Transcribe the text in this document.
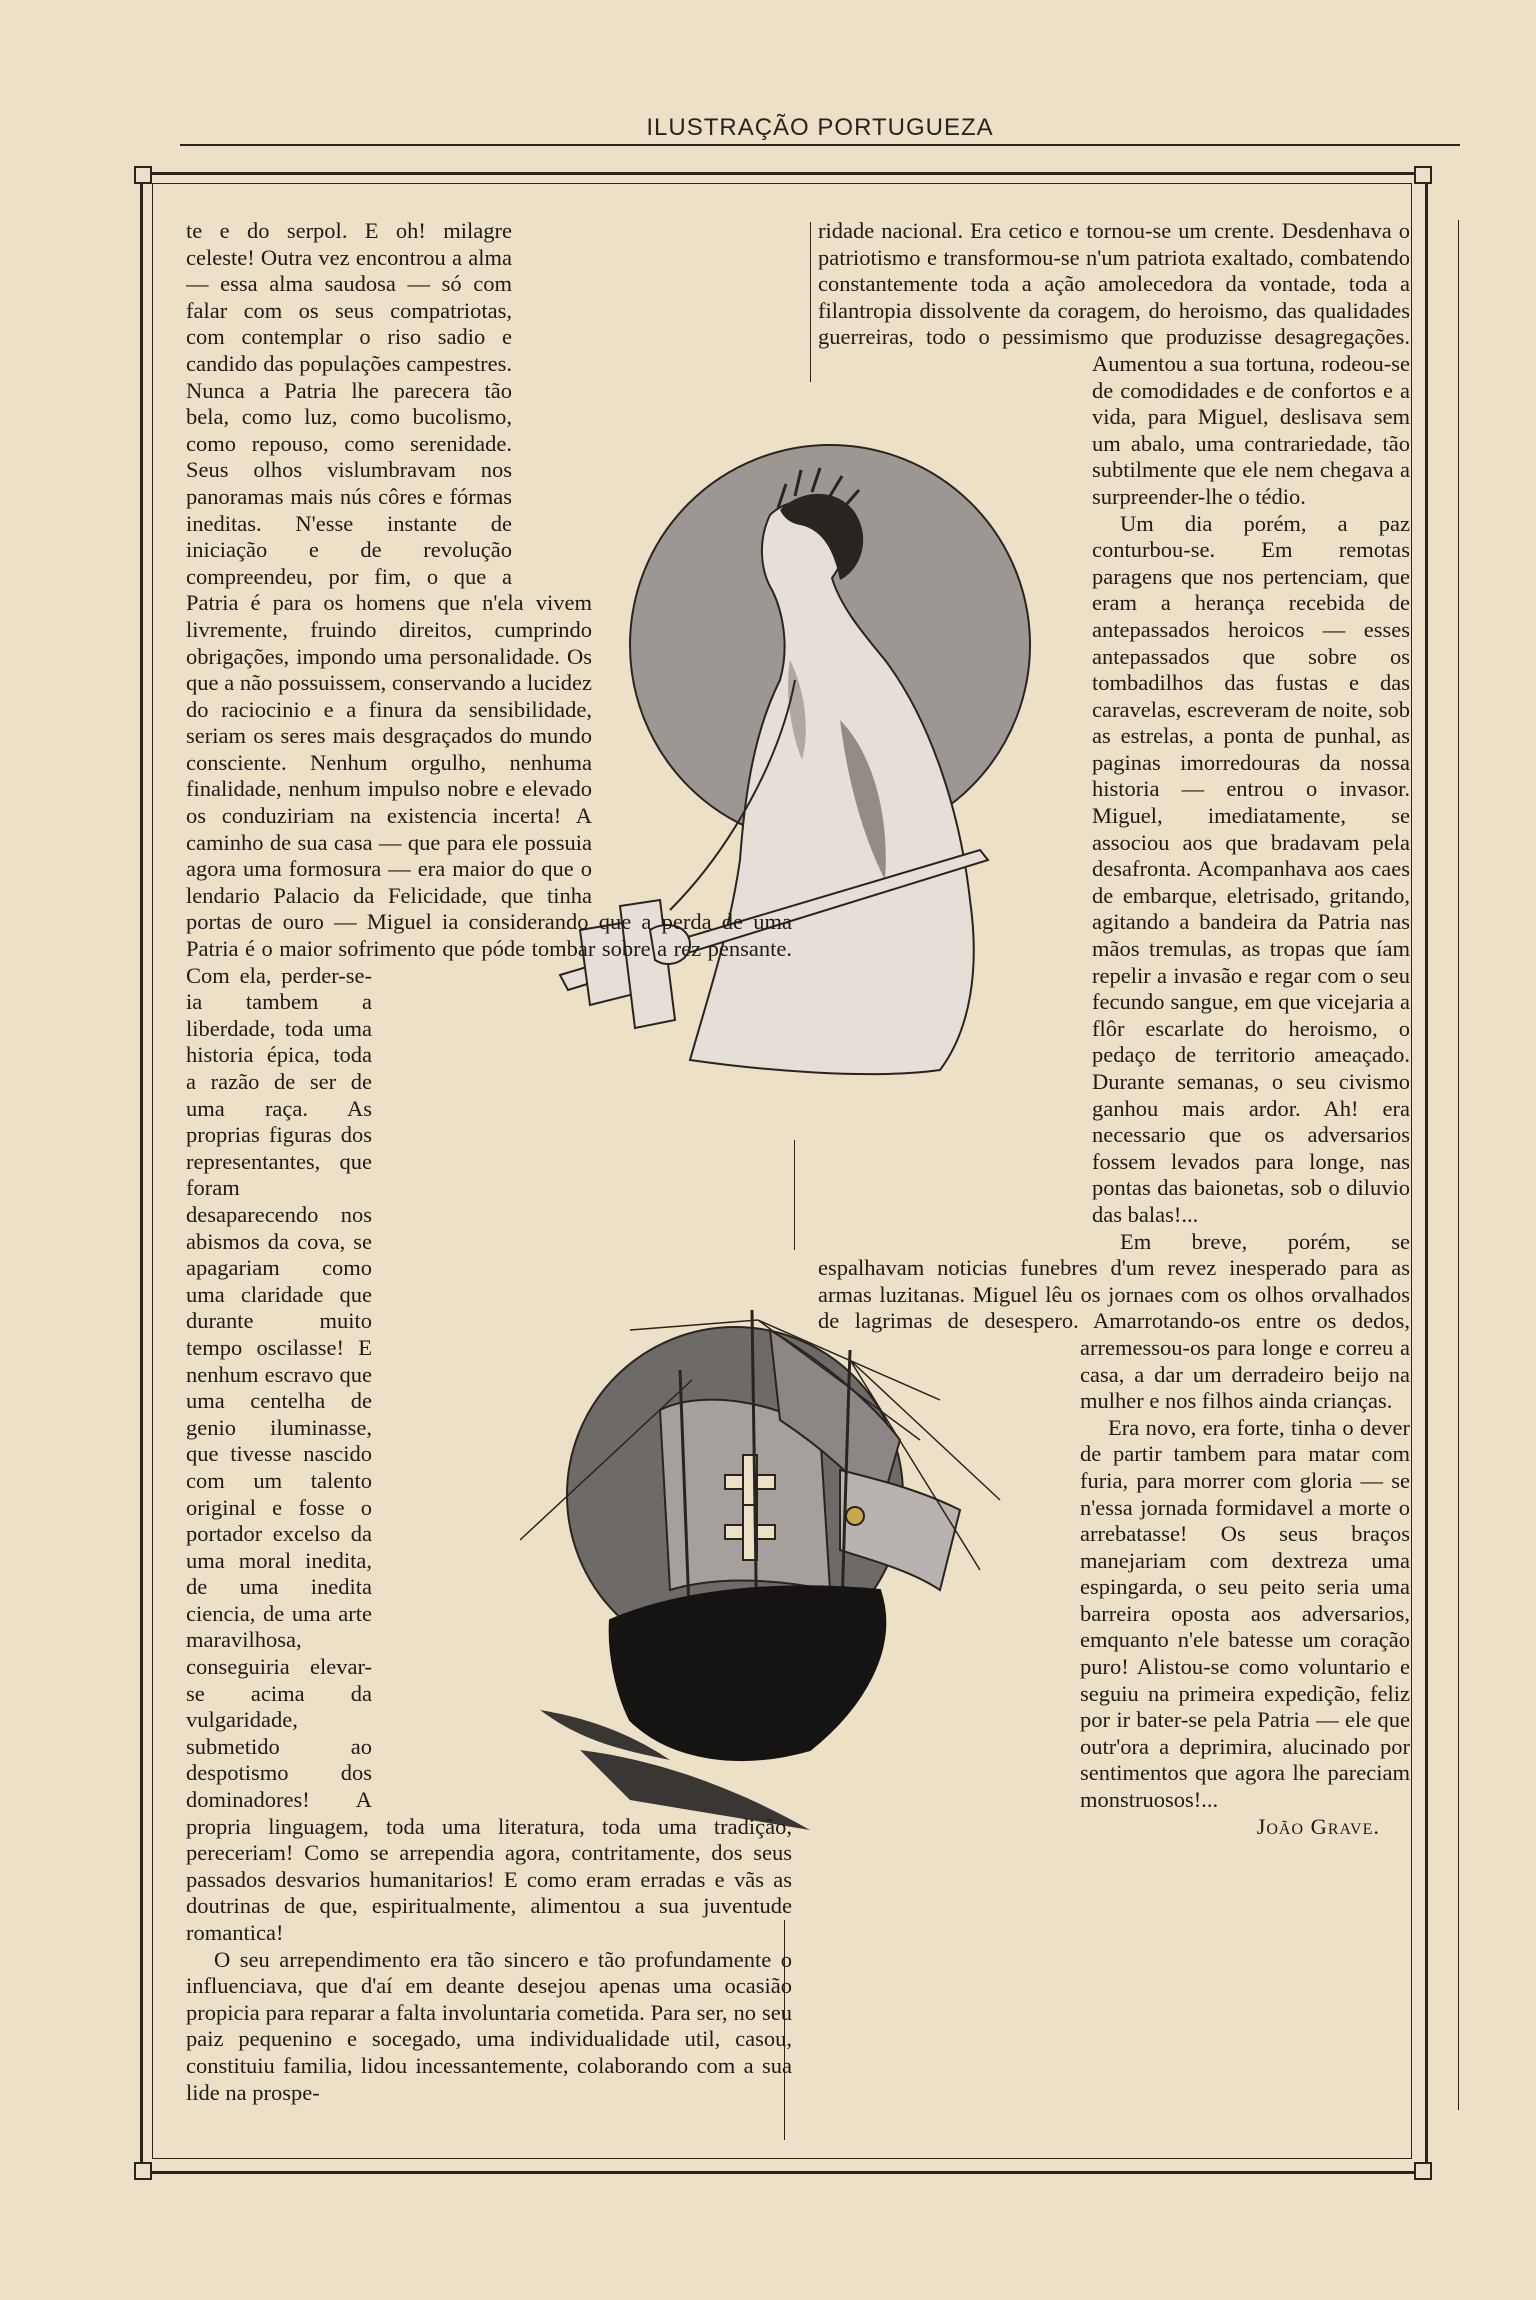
ILUSTRAÇÃO PORTUGUEZA

te e do serpol. E oh! milagre celeste! Outra vez encontrou a alma — essa alma saudosa — só com falar com os seus compatriotas, com contemplar o riso sadio e candido das populações campestres. Nunca a Patria lhe parecera tão bela, como luz, como bucolismo, como repouso, como serenidade. Seus olhos vislumbravam nos panoramas mais nús côres e fórmas ineditas. N'esse instante de iniciação e de revolução compreendeu, por fim, o que a Patria é para os homens que n'ela vivem livremente, fruindo direitos, cumprindo obrigações, impondo uma personalidade. Os que a não possuissem, conservando a lucidez do raciocinio e a finura da sensibilidade, seriam os seres mais desgraçados do mundo consciente. Nenhum orgulho, nenhuma finalidade, nenhum impulso nobre e elevado os conduziriam na existencia incerta! A caminho de sua casa — que para ele possuia agora uma formosura — era maior do que o lendario Palacio da Felicidade, que tinha portas de ouro — Miguel ia considerando que a perda de uma Patria é o maior sofrimento que póde tombar sobre a rez pensante. Com ela, perder-se-ia tambem a liberdade, toda uma historia épica, toda a razão de ser de uma raça. As proprias figuras dos representantes, que foram desaparecendo nos abismos da cova, se apagariam como uma claridade que durante muito tempo oscilasse! E nenhum escravo que uma centelha de genio iluminasse, que tivesse nascido com um talento original e fosse o portador excelso da uma moral inedita, de uma inedita ciencia, de uma arte maravilhosa, conseguiria elevar-se acima da vulgaridade, submetido ao despotismo dos dominadores! A propria linguagem, toda uma literatura, toda uma tradição, pereceriam! Como se arrependia agora, contritamente, dos seus passados desvarios humanitarios! E como eram erradas e vãs as doutrinas de que, espiritualmente, alimentou a sua juventude romantica!

O seu arrependimento era tão sincero e tão profundamente o influenciava, que d'aí em deante desejou apenas uma ocasião propicia para reparar a falta involuntaria cometida. Para ser, no seu paiz pequenino e socegado, uma individualidade util, casou, constituiu familia, lidou incessantemente, colaborando com a sua lide na prospe-

ridade nacional. Era cetico e tornou-se um crente. Desdenhava o patriotismo e transformou-se n'um patriota exaltado, combatendo constantemente toda a ação amolecedora da vontade, toda a filantropia dissolvente da coragem, do heroismo, das qualidades guerreiras, todo o pessimismo que produzisse desagregações. Aumentou a sua tortuna, rodeou-se de comodidades e de confortos e a vida, para Miguel, deslisava sem um abalo, uma contrariedade, tão subtilmente que ele nem chegava a surpreender-lhe o tédio.

Um dia porém, a paz conturbou-se. Em remotas paragens que nos pertenciam, que eram a herança recebida de antepassados heroicos — esses antepassados que sobre os tombadilhos das fustas e das caravelas, escreveram de noite, sob as estrelas, a ponta de punhal, as paginas imorredouras da nossa historia — entrou o invasor. Miguel, imediatamente, se associou aos que bradavam pela desafronta. Acompanhava aos caes de embarque, eletrisado, gritando, agitando a bandeira da Patria nas mãos tremulas, as tropas que íam repelir a invasão e regar com o seu fecundo sangue, em que vicejaria a flôr escarlate do heroismo, o pedaço de territorio ameaçado. Durante semanas, o seu civismo ganhou mais ardor. Ah! era necessario que os adversarios fossem levados para longe, nas pontas das baionetas, sob o diluvio das balas!...

Em breve, porém, se espalhavam noticias funebres d'um revez inesperado para as armas luzitanas. Miguel lêu os jornaes com os olhos orvalhados de lagrimas de desespero. Amarrotando-os entre os dedos, arremessou-os para longe e correu a casa, a dar um derradeiro beijo na mulher e nos filhos ainda crianças.

Era novo, era forte, tinha o dever de partir tambem para matar com furia, para morrer com gloria — se n'essa jornada formidavel a morte o arrebatasse! Os seus braços manejariam com dextreza uma espingarda, o seu peito seria uma barreira oposta aos adversarios, emquanto n'ele batesse um coração puro! Alistou-se como voluntario e seguiu na primeira expedição, feliz por ir bater-se pela Patria — ele que outr'ora a deprimira, alucinado por sentimentos que agora lhe pareciam monstruosos!...

João Grave.
